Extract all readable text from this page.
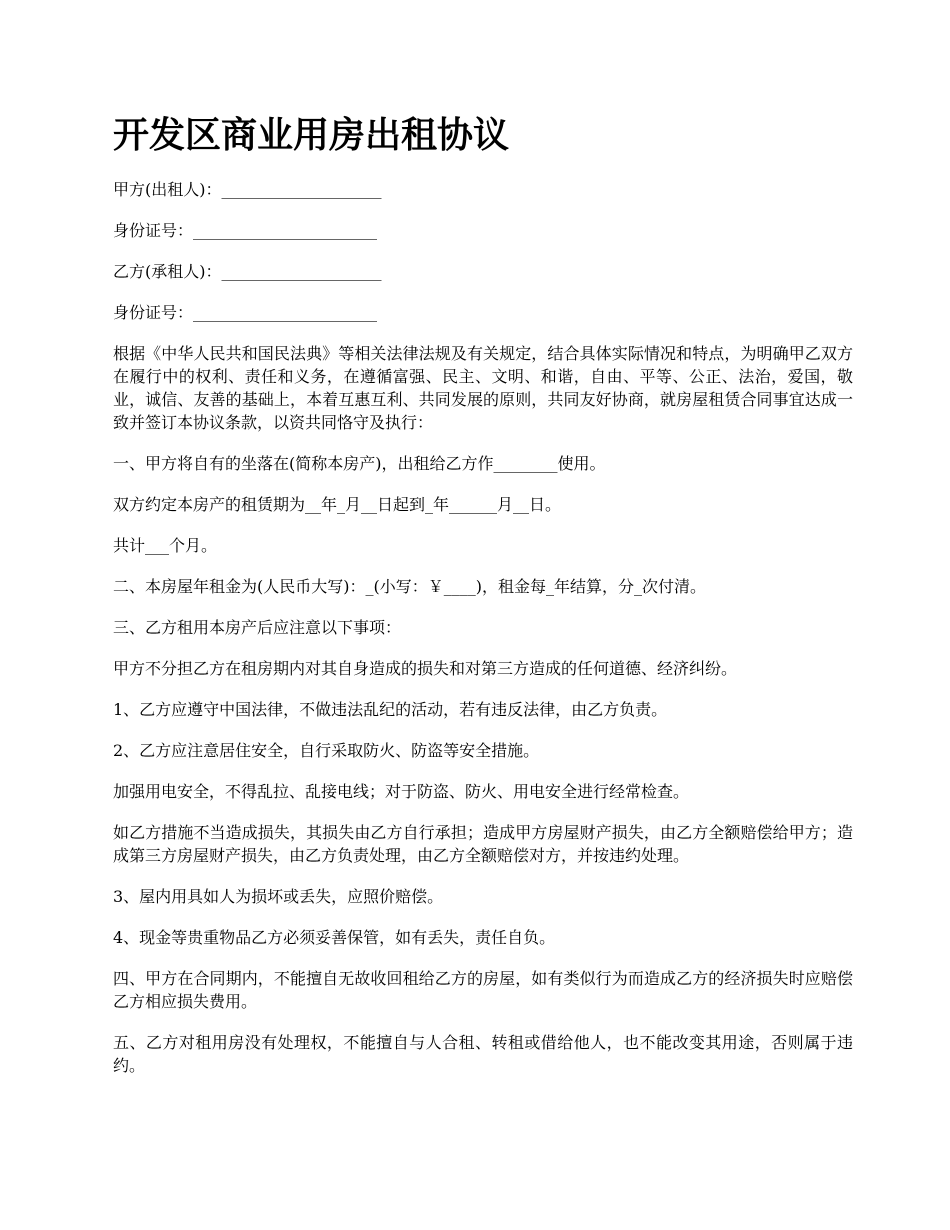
开发区商业用房出租协议

甲方(出租人)：____________________

身份证号：_______________________

乙方(承租人)：____________________

身份证号：_______________________

根据《中华人民共和国民法典》等相关法律法规及有关规定，结合具体实际情况和特点，为明确甲乙双方在履行中的权利、责任和义务，在遵循富强、民主、文明、和谐，自由、平等、公正、法治，爱国，敬业，诚信、友善的基础上，本着互惠互利、共同发展的原则，共同友好协商，就房屋租赁合同事宜达成一致并签订本协议条款，以资共同恪守及执行：

一、甲方将自有的坐落在(简称本房产)，出租给乙方作________使用。

双方约定本房产的租赁期为__年_月__日起到_年______月__日。

共计___个月。

二、本房屋年租金为(人民币大写)：_(小写：￥____)，租金每_年结算，分_次付清。

三、乙方租用本房产后应注意以下事项：

甲方不分担乙方在租房期内对其自身造成的损失和对第三方造成的任何道德、经济纠纷。

1、乙方应遵守中国法律，不做违法乱纪的活动，若有违反法律，由乙方负责。

2、乙方应注意居住安全，自行采取防火、防盗等安全措施。

加强用电安全，不得乱拉、乱接电线；对于防盗、防火、用电安全进行经常检查。

如乙方措施不当造成损失，其损失由乙方自行承担；造成甲方房屋财产损失，由乙方全额赔偿给甲方；造成第三方房屋财产损失，由乙方负责处理，由乙方全额赔偿对方，并按违约处理。

3、屋内用具如人为损坏或丢失，应照价赔偿。

4、现金等贵重物品乙方必须妥善保管，如有丢失，责任自负。

四、甲方在合同期内，不能擅自无故收回租给乙方的房屋，如有类似行为而造成乙方的经济损失时应赔偿乙方相应损失费用。

五、乙方对租用房没有处理权，不能擅自与人合租、转租或借给他人，也不能改变其用途，否则属于违约。
